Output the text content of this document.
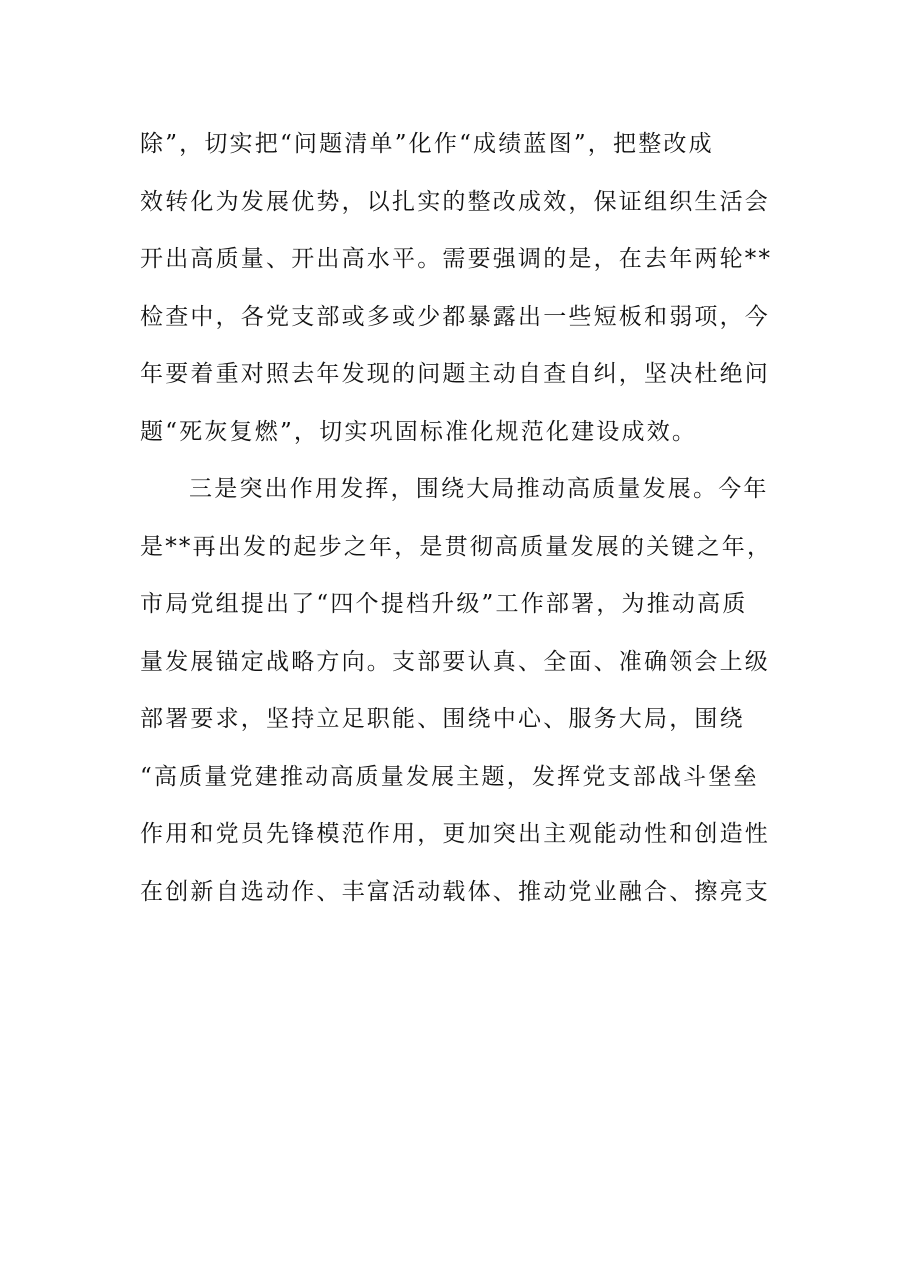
除”，切实把“问题清单”化作“成绩蓝图”，把整改成
效转化为发展优势，以扎实的整改成效，保证组织生活会
开出高质量、开出高水平。需要强调的是，在去年两轮**
检查中，各党支部或多或少都暴露出一些短板和弱项，今
年要着重对照去年发现的问题主动自查自纠，坚决杜绝问
题“死灰复燃”，切实巩固标准化规范化建设成效。
三是突出作用发挥，围绕大局推动高质量发展。今年
是**再出发的起步之年，是贯彻高质量发展的关键之年，
市局党组提出了“四个提档升级”工作部署，为推动高质
量发展锚定战略方向。支部要认真、全面、准确领会上级
部署要求，坚持立足职能、围绕中心、服务大局，围绕
“高质量党建推动高质量发展主题，发挥党支部战斗堡垒
作用和党员先锋模范作用，更加突出主观能动性和创造性
在创新自选动作、丰富活动载体、推动党业融合、擦亮支
